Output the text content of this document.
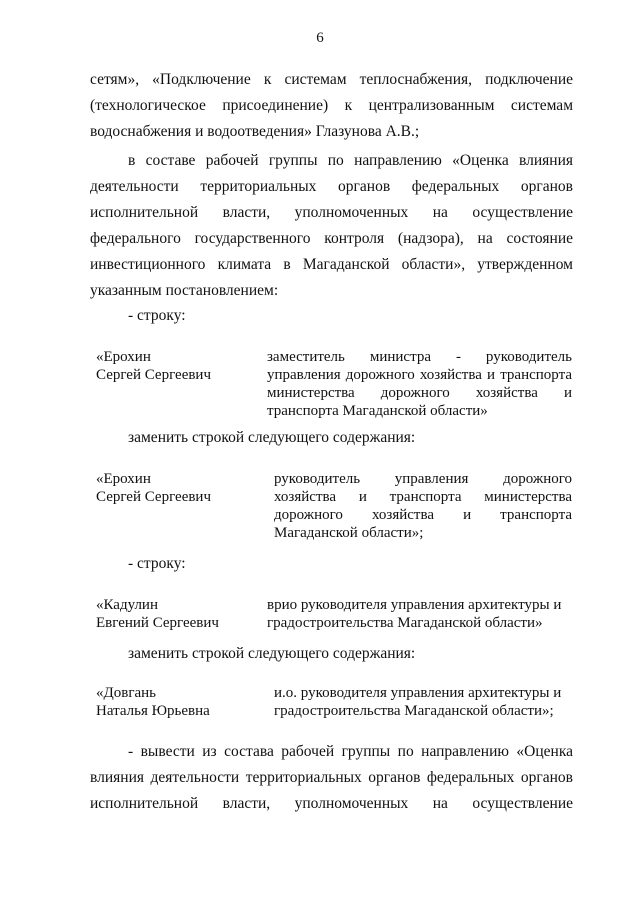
6
сетям», «Подключение к системам теплоснабжения, подключение
(технологическое присоединение) к централизованным системам
водоснабжения и водоотведения» Глазунова А.В.;
в составе рабочей группы по направлению «Оценка влияния
деятельности территориальных органов федеральных органов
исполнительной власти, уполномоченных на осуществление
федерального государственного контроля (надзора), на состояние
инвестиционного климата в Магаданской области», утвержденном
указанным постановлением:
- строку:
«Ерохин
Сергей Сергеевич
заместитель министра - руководитель
управления дорожного хозяйства и транспорта
министерства дорожного хозяйства и
транспорта Магаданской области»
заменить строкой следующего содержания:
«Ерохин
Сергей Сергеевич
руководитель управления дорожного
хозяйства и транспорта министерства
дорожного хозяйства и транспорта
Магаданской области»;
- строку:
«Кадулин
Евгений Сергеевич
врио руководителя управления архитектуры и
градостроительства Магаданской области»
заменить строкой следующего содержания:
«Довгань
Наталья Юрьевна
и.о. руководителя управления архитектуры и
градостроительства Магаданской области»;
- вывести из состава рабочей группы по направлению «Оценка
влияния деятельности территориальных органов федеральных органов
исполнительной власти, уполномоченных на осуществление
